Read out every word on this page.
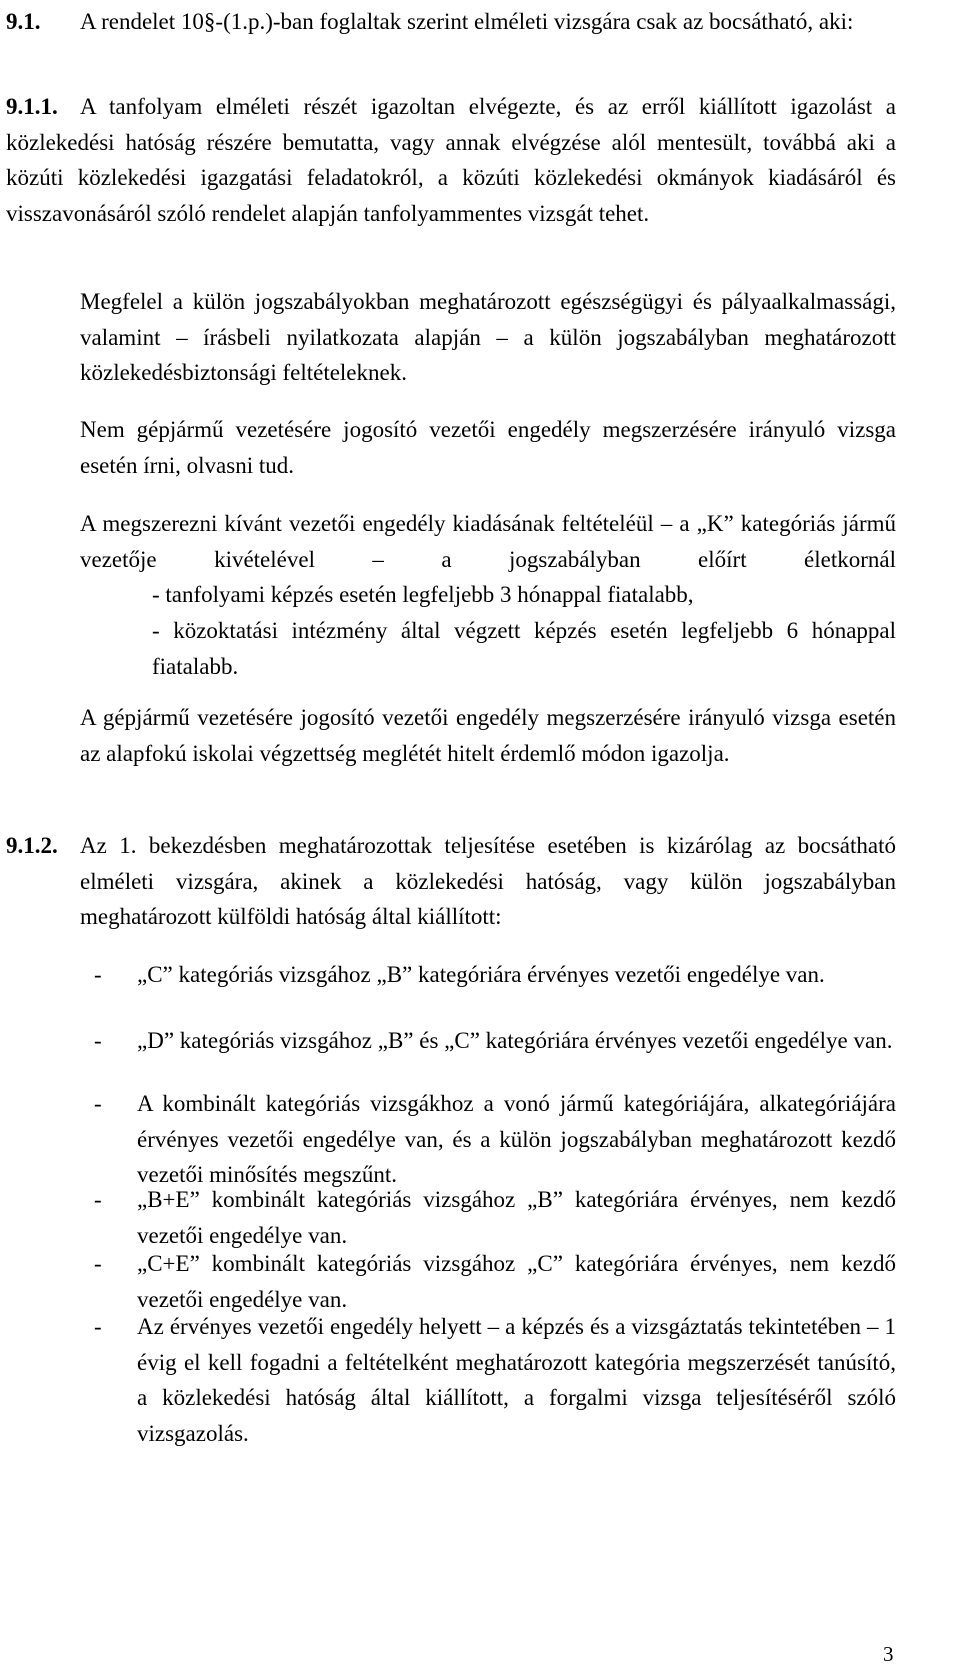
9.1.	A rendelet 10§-(1.p.)-ban foglaltak szerint elméleti vizsgára csak az bocsátható, aki:
9.1.1. A tanfolyam elméleti részét igazoltan elvégezte, és az erről kiállított igazolást a közlekedési hatóság részére bemutatta, vagy annak elvégzése alól mentesült, továbbá aki a közúti közlekedési igazgatási feladatokról, a közúti közlekedési okmányok kiadásáról és visszavonásáról szóló rendelet alapján tanfolyammentes vizsgát tehet.
Megfelel a külön jogszabályokban meghatározott egészségügyi és pályaalkalmassági, valamint – írásbeli nyilatkozata alapján – a külön jogszabályban meghatározott közlekedésbiztonsági feltételeknek.
Nem gépjármű vezetésére jogosító vezetői engedély megszerzésére irányuló vizsga esetén írni, olvasni tud.
A megszerezni kívánt vezetői engedély kiadásának feltételéül – a „K” kategóriás jármű vezetője kivételével – a jogszabályban előírt életkornál
- tanfolyami képzés esetén legfeljebb 3 hónappal fiatalabb,
- közoktatási intézmény által végzett képzés esetén legfeljebb 6 hónappal fiatalabb.
A gépjármű vezetésére jogosító vezetői engedély megszerzésére irányuló vizsga esetén az alapfokú iskolai végzettség meglétét hitelt érdemlő módon igazolja.
9.1.2. Az 1. bekezdésben meghatározottak teljesítése esetében is kizárólag az bocsátható elméleti vizsgára, akinek a közlekedési hatóság, vagy külön jogszabályban meghatározott külföldi hatóság által kiállított:
- „C” kategóriás vizsgához „B” kategóriára érvényes vezetői engedélye van.
- „D” kategóriás vizsgához „B” és „C” kategóriára érvényes vezetői engedélye van.
- A kombinált kategóriás vizsgákhoz a vonó jármű kategóriájára, alkategóriájára érvényes vezetői engedélye van, és a külön jogszabályban meghatározott kezdő vezetői minősítés megszűnt.
- „B+E” kombinált kategóriás vizsgához „B” kategóriára érvényes, nem kezdő vezetői engedélye van.
- „C+E” kombinált kategóriás vizsgához „C” kategóriára érvényes, nem kezdő vezetői engedélye van.
- Az érvényes vezetői engedély helyett – a képzés és a vizsgáztatás tekintetében – 1 évig el kell fogadni a feltételként meghatározott kategória megszerzését tanúsító, a közlekedési hatóság által kiállított, a forgalmi vizsga teljesítéséről szóló vizsgazolás.
3
